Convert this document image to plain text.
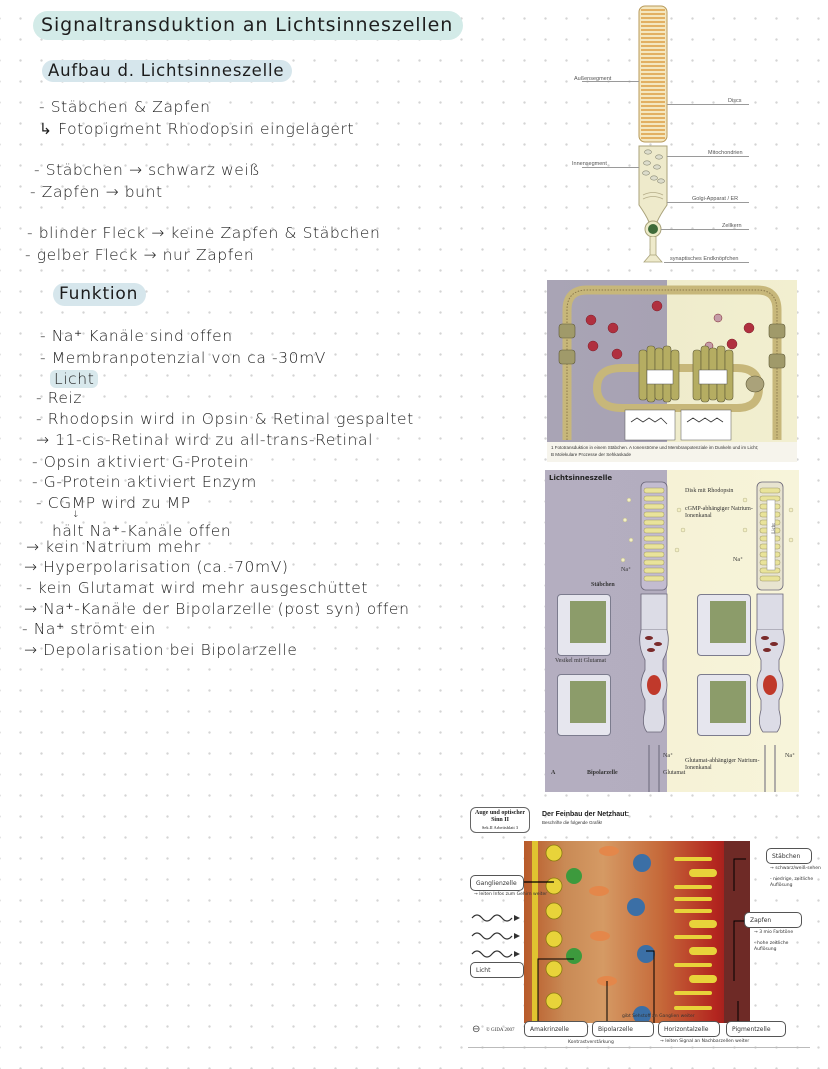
Signaltransduktion an Lichtsinneszellen
Aufbau d. Lichtsinneszelle
- Stäbchen & Zapfen
↳ Fotopigment Rhodopsin eingelagert
- Stäbchen → schwarz weiß
- Zapfen → bunt
- blinder Fleck → keine Zapfen & Stäbchen
- gelber Fleck → nur Zapfen
Funktion
- Na⁺ Kanäle sind offen
- Membranpotenzial von ca -30mV
Licht
- Reiz
- Rhodopsin wird in Opsin & Retinal gespaltet
→ 11-cis-Retinal wird zu all-trans-Retinal
- Opsin aktiviert G-Protein
- G-Protein aktiviert Enzym
- CGMP wird zu MP
↓
hält Na⁺-Kanäle offen
→ kein Natrium mehr
→ Hyperpolarisation (ca.-70mV)
- kein Glutamat wird mehr ausgeschüttet
→ Na⁺-Kanäle der Bipolarzelle (post syn) offen
- Na⁺ strömt ein
→ Depolarisation bei Bipolarzelle
Außensegment
Discs
Innensegment
Mitochondrien
Golgi-Apparat / ER
Zellkern
synaptisches Endknöpfchen
1 Fototransduktion in einem Stäbchen. A Ionenströme und Membranpotenziale im Dunkeln und im Licht;
B Molekulare Prozesse der Sehkaskade
Lichtsinneszelle
Disk mit Rhodopsin
cGMP-abhängiger Natrium-Ionenkanal
Na⁺
Na⁺
Stäbchen
Licht
Vesikel mit Glutamat
A	Bipolarzelle	Glutamat
Na⁺	Na⁺
Glutamat-abhängiger Natrium-Ionenkanal
Auge und optischer Sinn II
Sek.II Arbeitsblatt 3
Der Feinbau der Netzhaut:
Beschrifte die folgende Grafik!
Ganglienzelle
→ leiten Infos zum Gehirn weiter
Licht
Stäbchen
→ schwarz/weiß-sehen
- niedrige, zeitliche Auflösung
Zapfen
→ 3 mio Farbtöne
- hohe zeitliche Auflösung
gibt Sehstoff an Ganglien weiter
⊖ © GIDA 2007	Amakrinzelle	Bipolarzelle	Horizontalzelle	Pigmentzelle
Kontrastverstärkung	→ leiten Signal an Nachbarzellen weiter
